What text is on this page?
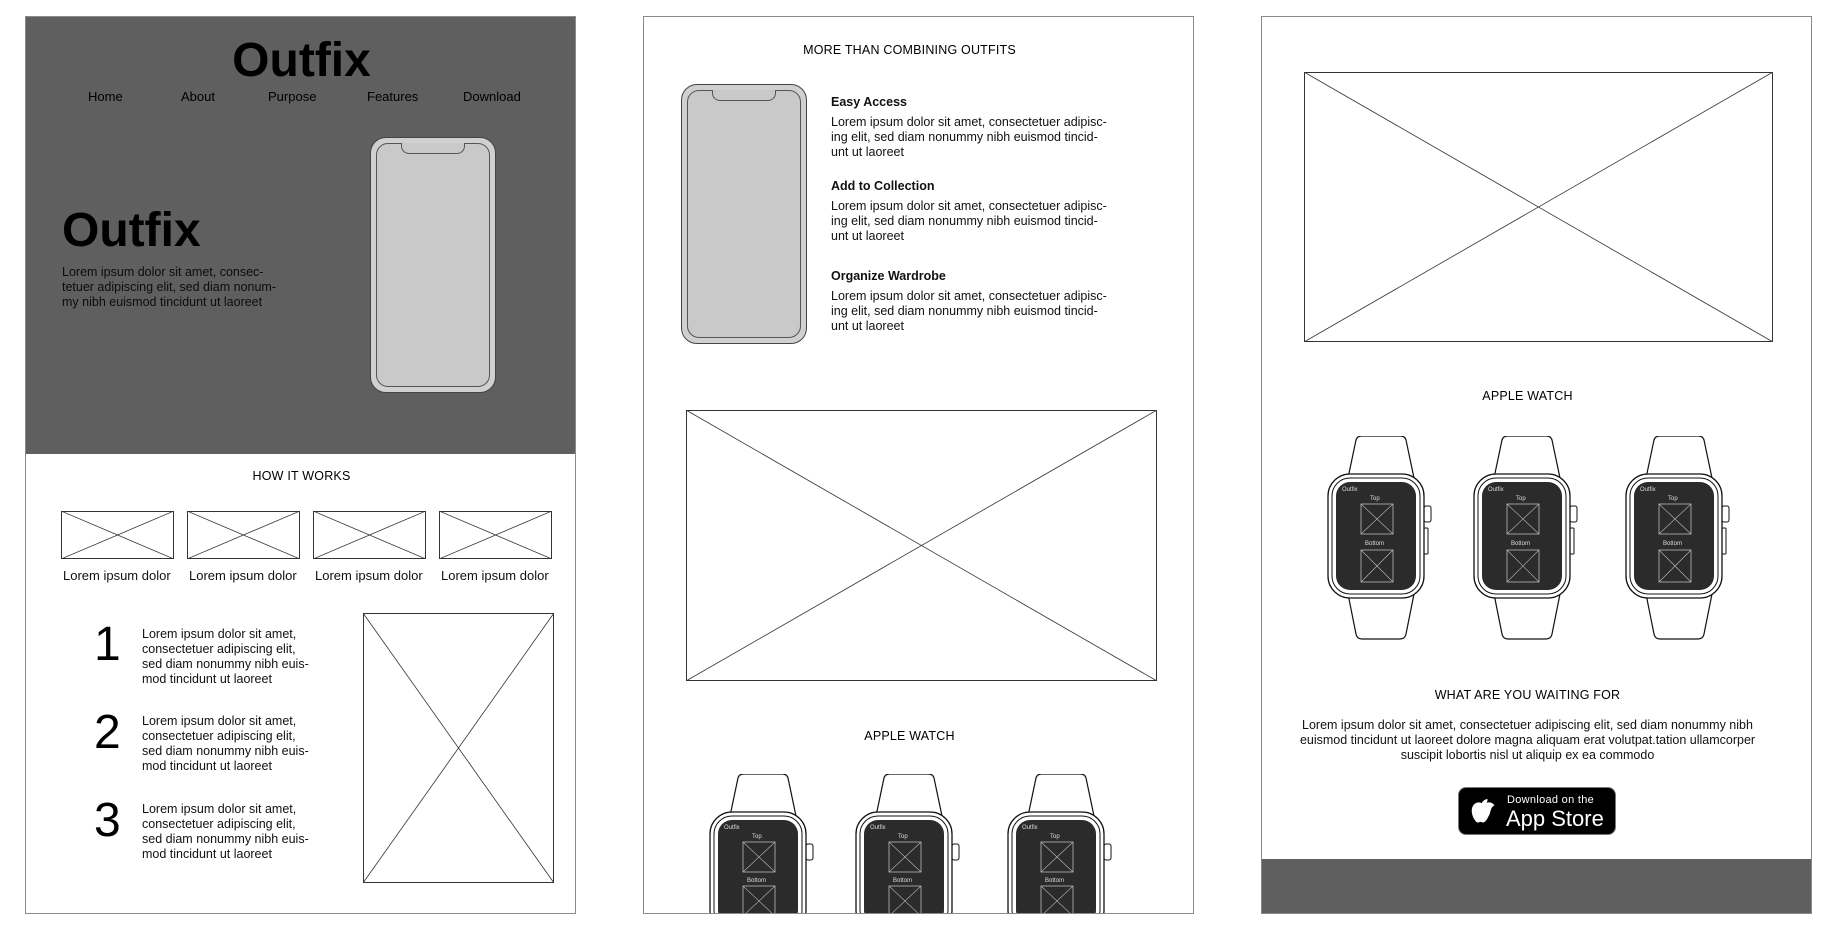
Outfix
Home	About	Purpose	Features	Download
Outfix
Lorem ipsum dolor sit amet, consec-
tetuer adipiscing elit, sed diam nonum-
my nibh euismod tincidunt ut laoreet
HOW IT WORKS
Lorem ipsum dolor Lorem ipsum dolor Lorem ipsum dolor Lorem ipsum dolor
1 Lorem ipsum dolor sit amet,
consectetuer adipiscing elit,
sed diam nonummy nibh euis-
mod tincidunt ut laoreet
2 Lorem ipsum dolor sit amet,
consectetuer adipiscing elit,
sed diam nonummy nibh euis-
mod tincidunt ut laoreet
3 Lorem ipsum dolor sit amet,
consectetuer adipiscing elit,
sed diam nonummy nibh euis-
mod tincidunt ut laoreet
MORE THAN COMBINING OUTFITS
Easy Access
Lorem ipsum dolor sit amet, consectetuer adipisc-
ing elit, sed diam nonummy nibh euismod tincid-
unt ut laoreet
Add to Collection
Lorem ipsum dolor sit amet, consectetuer adipisc-
ing elit, sed diam nonummy nibh euismod tincid-
unt ut laoreet
Organize Wardrobe
Lorem ipsum dolor sit amet, consectetuer adipisc-
ing elit, sed diam nonummy nibh euismod tincid-
unt ut laoreet
APPLE WATCH
Outfix
Top
Bottom
Outfix
Top
Bottom
Outfix
Top
Bottom
APPLE WATCH
Outfix
Top
Bottom
Outfix
Top
Bottom
Outfix
Top
Bottom
WHAT ARE YOU WAITING FOR
Lorem ipsum dolor sit amet, consectetuer adipiscing elit, sed diam nonummy nibh
euismod tincidunt ut laoreet dolore magna aliquam erat volutpat.tation ullamcorper
suscipit lobortis nisl ut aliquip ex ea commodo
Download on the
App Store
